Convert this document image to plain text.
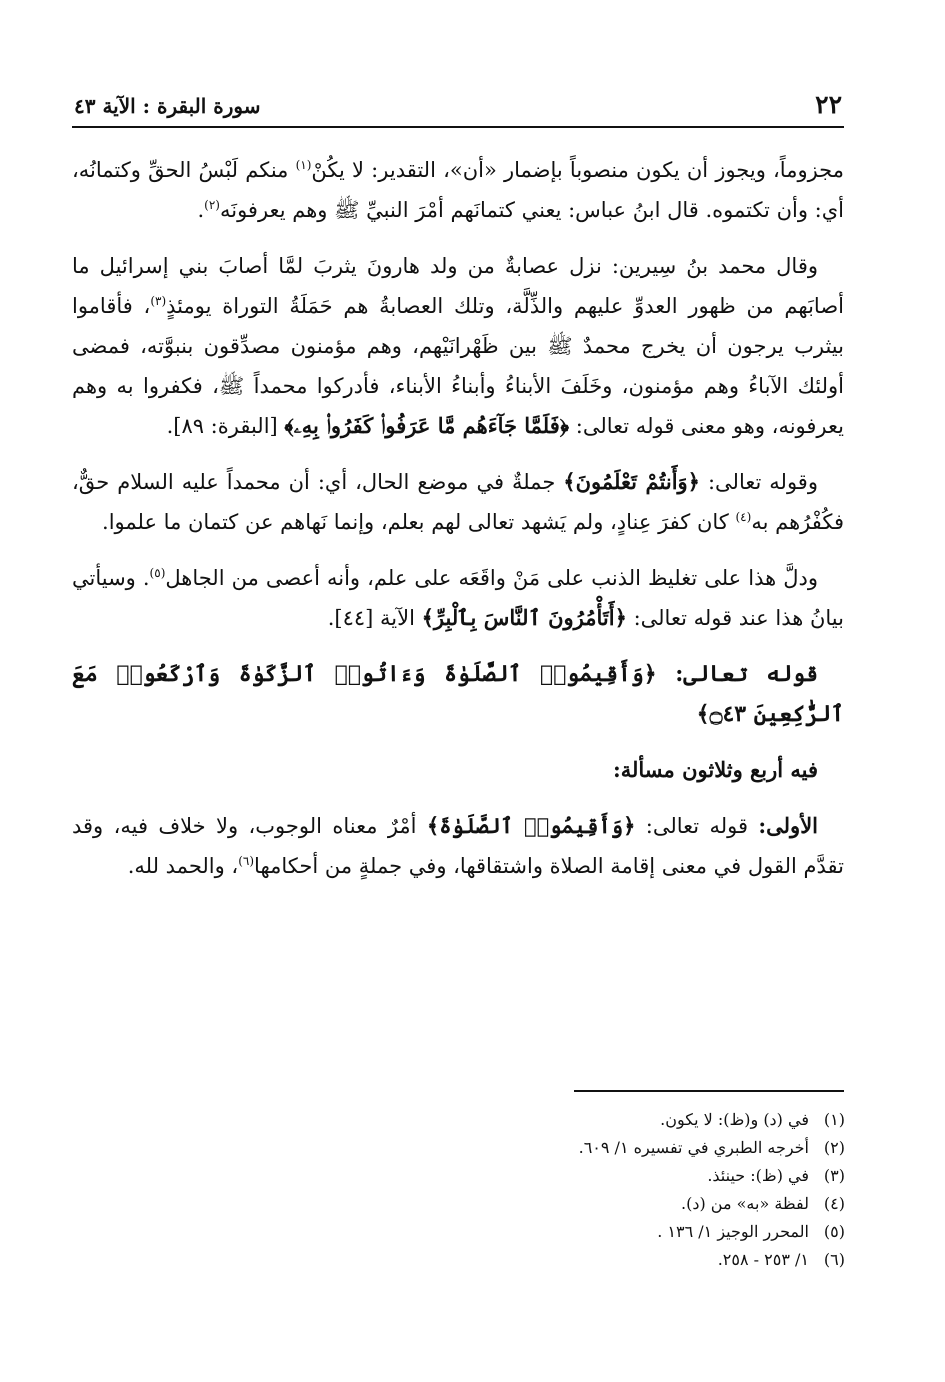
٢٢
سورة البقرة : الآية ٤٣

مجزوماً، ويجوز أن يكون منصوباً بإضمار «أن»، التقدير: لا يكُنْ$^{(١)}$ منكم لَبْسُ الحقِّ وكتمانُه، أي: وأن تكتموه. قال ابنُ عباس: يعني كتمانَهم أمْرَ النبيِّ ﷺ وهم يعرفونَه$^{(٢)}$.

وقال محمد بنُ سِيرين: نزل عصابةٌ من ولد هارونَ يثربَ لمَّا أصابَ بني إسرائيل ما أصابَهم من ظهور العدوِّ عليهم والذِّلَّة، وتلك العصابةُ هم حَمَلَةُ التوراة يومئذٍ$^{(٣)}$، فأقاموا بيثرب يرجون أن يخرج محمدٌ ﷺ بين ظَهْرانَيْهم، وهم مؤمنون مصدِّقون بنبوَّته، فمضى أولئك الآباءُ وهم مؤمنون، وخَلَفَ الأبناءُ وأبناءُ الأبناء، فأدركوا محمداً ﷺ، فكفروا به وهم يعرفونه، وهو معنى قوله تعالى: ﴿فَلَمَّا جَآءَهُم مَّا عَرَفُوا۟ كَفَرُوا۟ بِهِۦ﴾ [البقرة: ٨٩].

وقوله تعالى: ﴿وَأَنتُمْ تَعْلَمُونَ﴾ جملةٌ في موضع الحال، أي: أن محمداً عليه السلام حقٌّ، فكُفْرُهم به$^{(٤)}$ كان كفرَ عِنادٍ، ولم يَشهد تعالى لهم بعلم، وإنما نَهاهم عن كتمان ما علموا.

ودلَّ هذا على تغليظ الذنب على مَنْ واقَعَه على علم، وأنه أعصى من الجاهل$^{(٥)}$. وسيأتي بيانُ هذا عند قوله تعالى: ﴿أَتَأْمُرُونَ ٱلنَّاسَ بِٱلْبِرِّ﴾ الآية [٤٤].

قوله تعالى: ﴿وَأَقِيمُوا۟ ٱلصَّلَوٰةَ وَءَاتُوا۟ ٱلزَّكَوٰةَ وَٱرْكَعُوا۟ مَعَ ٱلرَّٰكِعِينَ ۝٤٣﴾

فيه أربع وثلاثون مسألة:

الأولى: قوله تعالى: ﴿وَأَقِيمُوا۟ ٱلصَّلَوٰةَ﴾ أمْرٌ معناه الوجوب، ولا خلاف فيه، وقد تقدَّم القول في معنى إقامة الصلاة واشتقاقها، وفي جملةٍ من أحكامها$^{(٦)}$، والحمد لله.

(١)في (د) و(ظ): لا يكون.
(٢)أخرجه الطبري في تفسيره ١/ ٦٠٩.
(٣)في (ظ): حينئذ.
(٤)لفظة «به» من (د).
(٥)المحرر الوجيز ١/ ١٣٦ .
(٦)١/ ٢٥٣ - ٢٥٨.
